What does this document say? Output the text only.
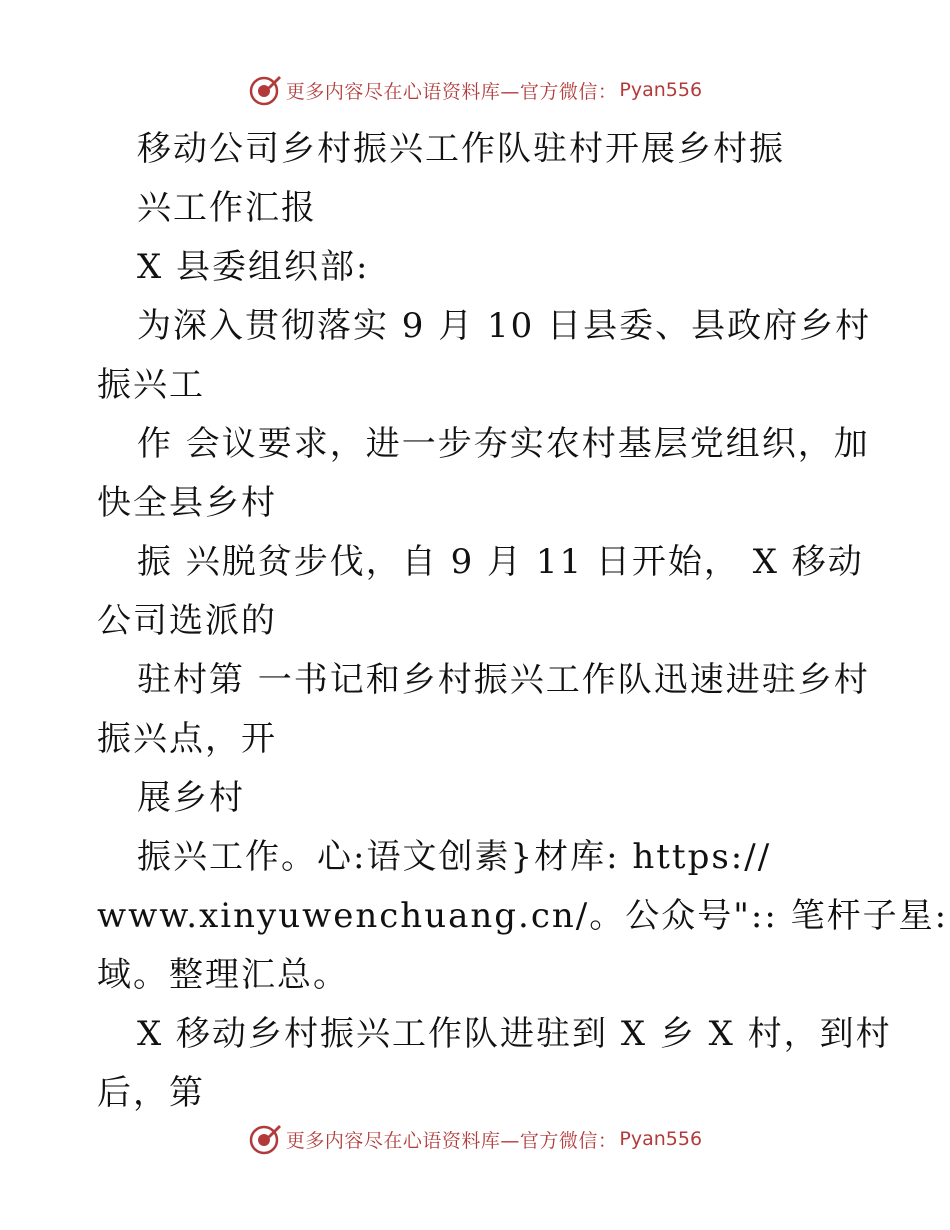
更多内容尽在心语资料库—官方微信： Pyan556
移动公司乡村振兴工作队驻村开展乡村振
兴工作汇报
X 县委组织部:
为深入贯彻落实 9 月 10 日县委、县政府乡村
振兴工
作 会议要求，进一步夯实农村基层党组织，加
快全县乡村
振 兴脱贫步伐，自 9 月 11 日开始， X 移动
公司选派的
驻村第 一书记和乡村振兴工作队迅速进驻乡村
振兴点，开
展乡村
振兴工作。心:语文创素}材库: https://
www.xinyuwenchuang.cn/。公众号":: 笔杆子星:
域。整理汇总。
X 移动乡村振兴工作队进驻到 X 乡 X 村，到村
后，第
更多内容尽在心语资料库—官方微信： Pyan556
